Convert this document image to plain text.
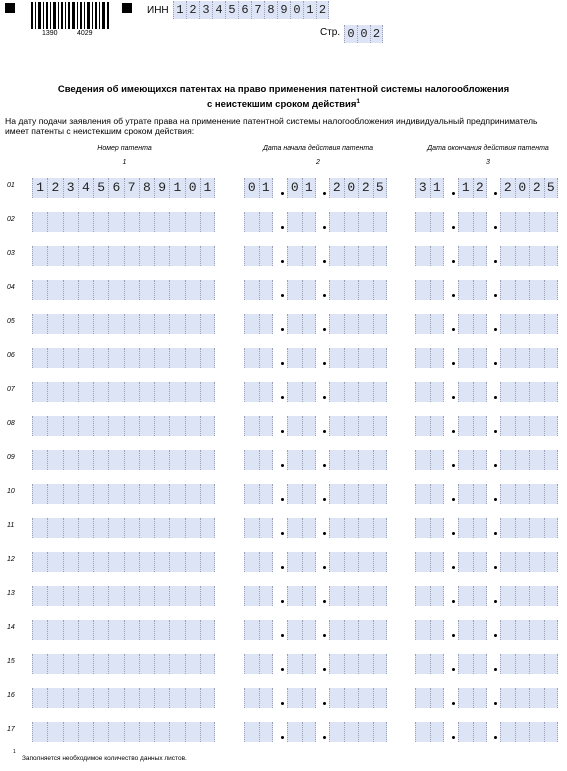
1390	4029
ИНН 1 2 3 4 5 6 7 8 9 0 1 2
Стр. 0 0 2
Сведения об имеющихся патентах на право применения патентной системы налогообложения
с неистекшим сроком действия$^1$
На дату подачи заявления об утрате права на применение патентной системы налогообложения индивидуальный предприниматель
имеет патенты с неистекшим сроком действия:
Номер патента
1
Дата начала действия патента
2
Дата окончания действия патента
3
01	1 2 3 4 5 6 7 8 9 1 0 1	0 1 0 1 2 0 2 5	3 1 1 2 2 0 2 5
02
03
04
05
06
07
08
09
10
11
12
13
14
15
16
17
1
Заполняется необходимое количество данных листов.
